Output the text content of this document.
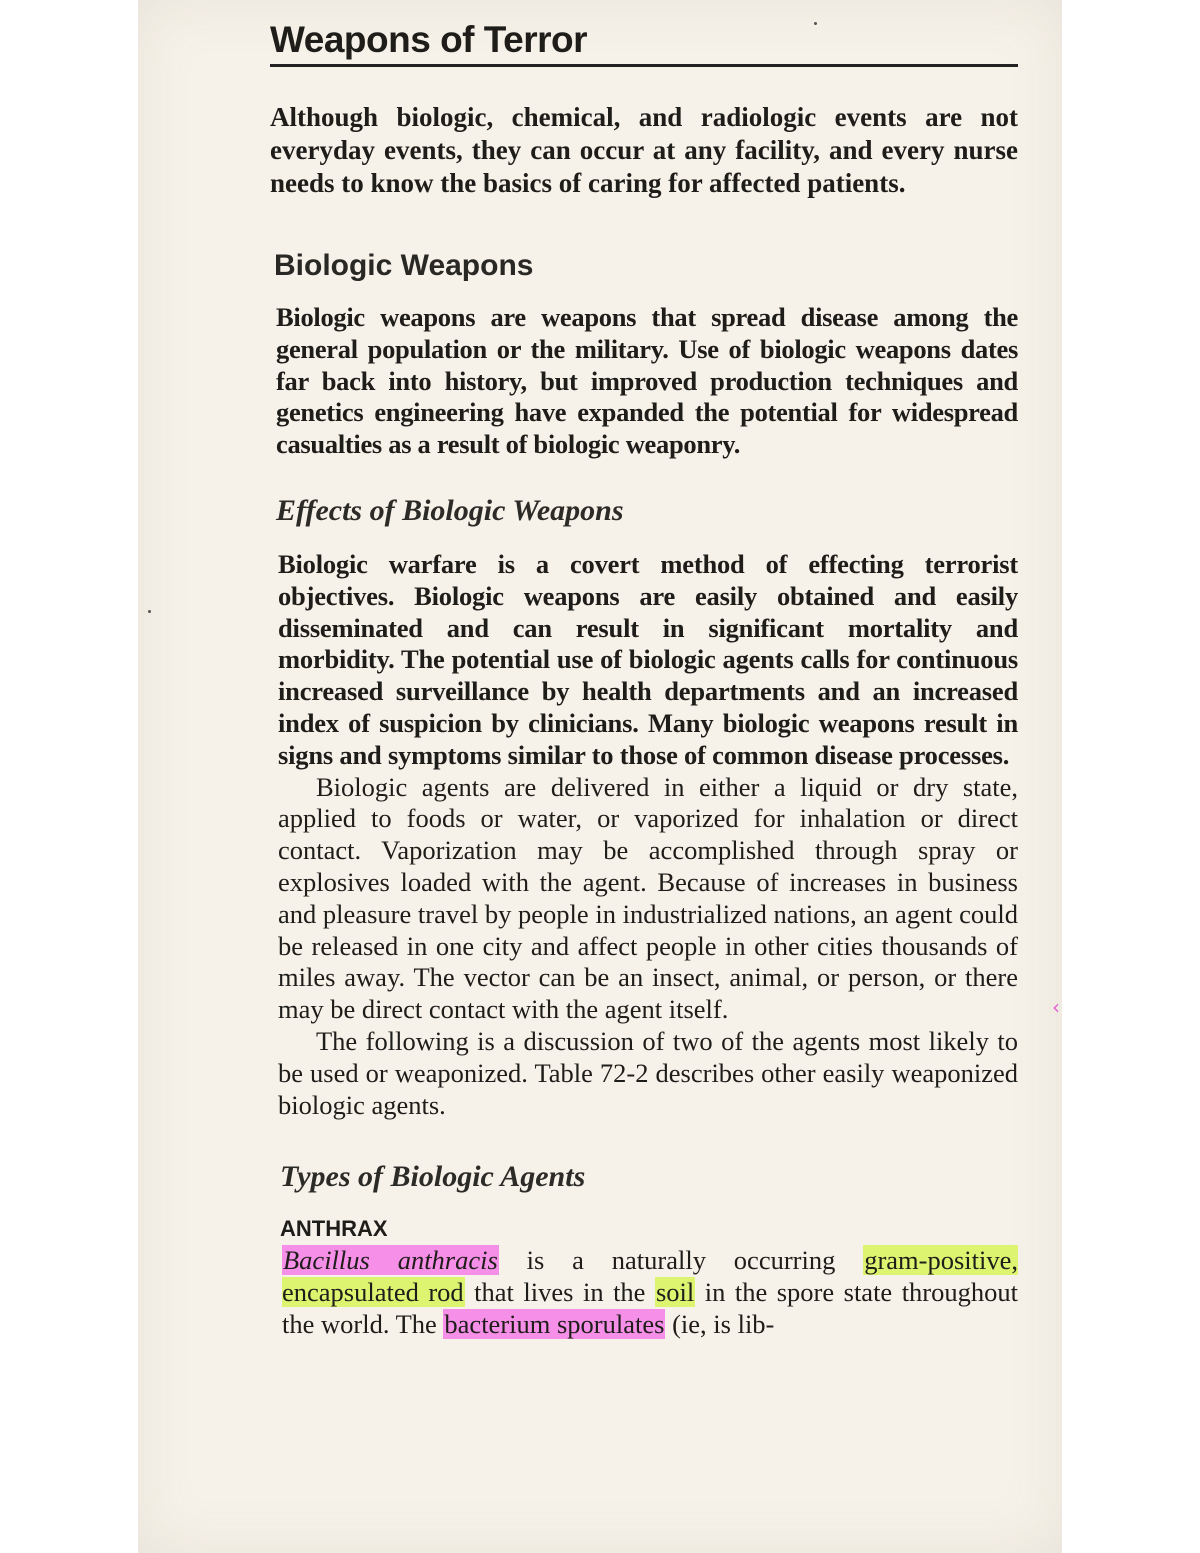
‹
Weapons of Terror

Although biologic, chemical, and radiologic events are not everyday events, they can occur at any facility, and every nurse needs to know the basics of caring for affected patients.

Biologic Weapons

Biologic weapons are weapons that spread disease among the general population or the military. Use of biologic weapons dates far back into history, but improved production techniques and genetics engineering have expanded the potential for widespread casualties as a result of biologic weaponry.

Effects of Biologic Weapons

Biologic warfare is a covert method of effecting terrorist objectives. Biologic weapons are easily obtained and easily disseminated and can result in significant mortality and morbidity. The potential use of biologic agents calls for continuous increased surveillance by health departments and an increased index of suspicion by clinicians. Many biologic weapons result in signs and symptoms similar to those of common disease processes.

Biologic agents are delivered in either a liquid or dry state, applied to foods or water, or vaporized for inhalation or direct contact. Vaporization may be accomplished through spray or explosives loaded with the agent. Because of increases in business and pleasure travel by people in industrialized nations, an agent could be released in one city and affect people in other cities thousands of miles away. The vector can be an insect, animal, or person, or there may be direct contact with the agent itself.

The following is a discussion of two of the agents most likely to be used or weaponized. Table 72-2 describes other easily weaponized biologic agents.

Types of Biologic Agents
ANTHRAX

Bacillus anthracis is a naturally occurring gram-positive, encapsulated rod that lives in the soil in the spore state throughout the world. The bacterium sporulates (ie, is lib-
